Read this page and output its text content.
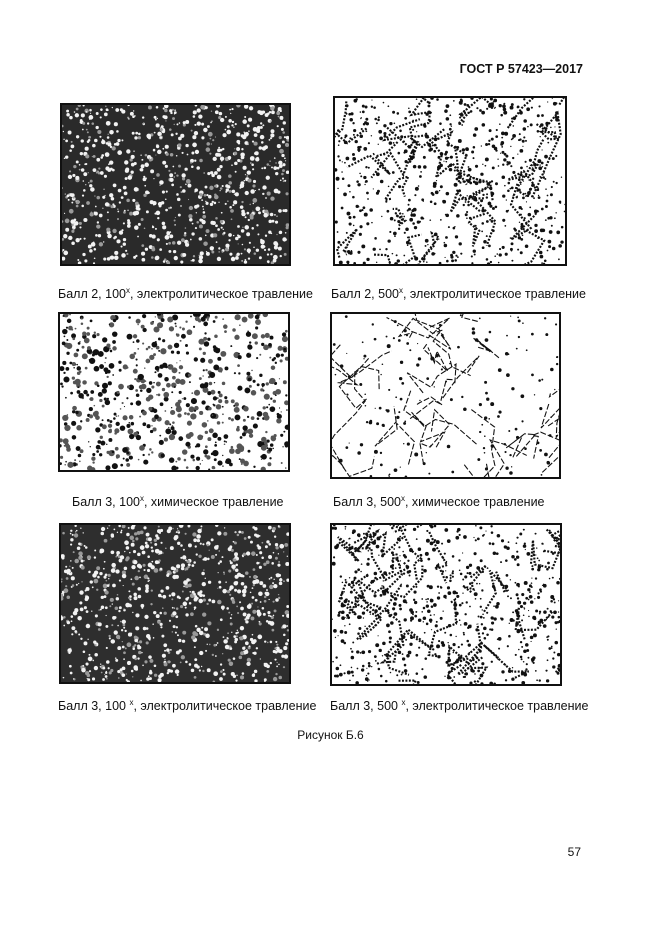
ГОСТ Р 57423—2017
Балл 2, $100^х$, электролитическое травление Балл 2, $500^х$, электролитическое травление
Балл 3, $100^х$, химическое травление	Балл 3, $500^х$, химическое травление
Балл 3, 100 $^х$, электролитическое травление Балл 3, 500 $^х$, электролитическое травление
Рисунок Б.6
57
